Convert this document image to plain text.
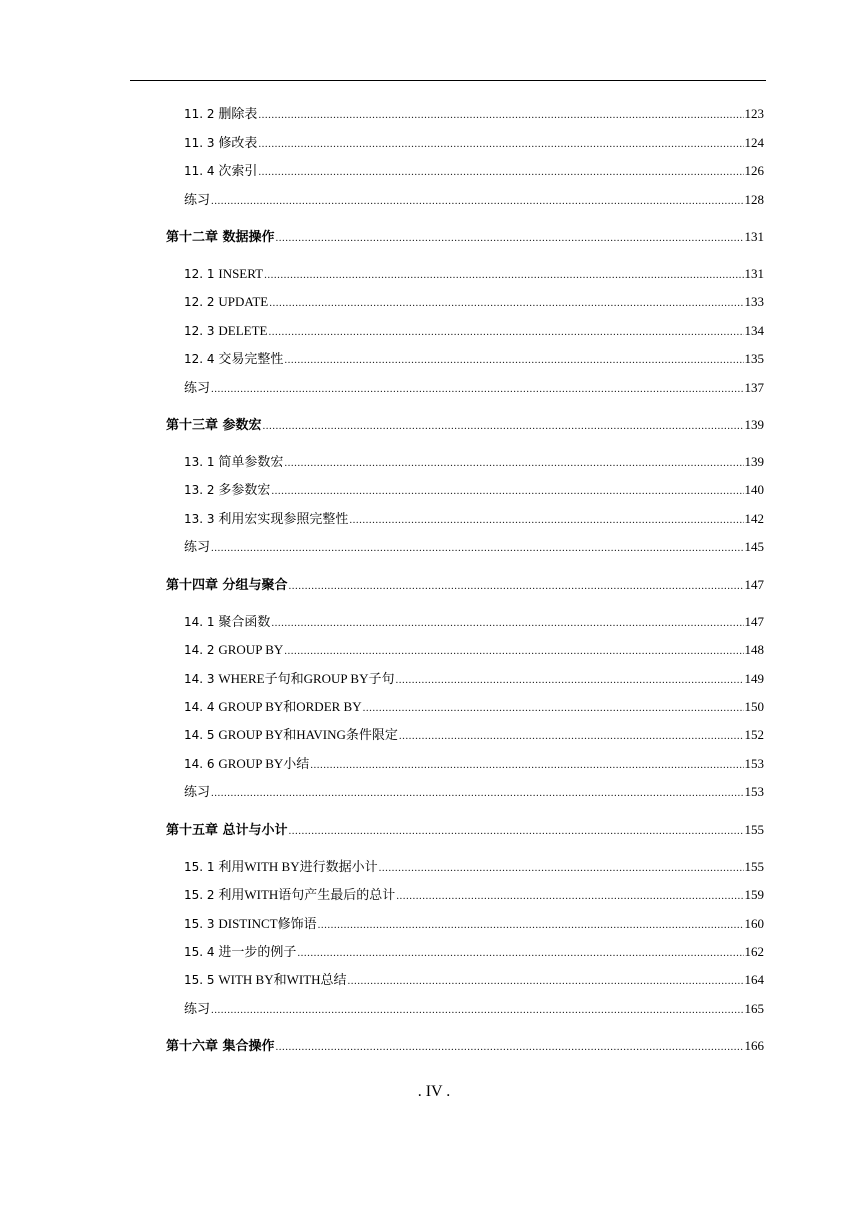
11. 2 删除表 .....	123
11. 3 修改表 .....	124
11. 4 次索引 .....	126
练习 .....	128
第十二章 数据操作 .....	131
12. 1 INSERT .....	131
12. 2 UPDATE .....	133
12. 3 DELETE .....	134
12. 4 交易完整性 .....	135
练习 .....	137
第十三章 参数宏 .....	139
13. 1 简单参数宏 .....	139
13. 2 多参数宏 .....	140
13. 3 利用宏实现参照完整性 .....	142
练习 .....	145
第十四章 分组与聚合 .....	147
14. 1 聚合函数 .....	147
14. 2 GROUP BY .....	148
14. 3 WHERE子句和GROUP BY子句 .....	149
14. 4 GROUP BY和ORDER BY .....	150
14. 5 GROUP BY和HAVING条件限定 .....	152
14. 6 GROUP BY小结 .....	153
练习 .....	153
第十五章 总计与小计 .....	155
15. 1 利用WITH BY进行数据小计 .....	155
15. 2 利用WITH语句产生最后的总计 .....	159
15. 3 DISTINCT修饰语 .....	160
15. 4 进一步的例子 .....	162
15. 5 WITH BY和WITH总结 .....	164
练习 .....	165
第十六章 集合操作 .....	166
. IV .
